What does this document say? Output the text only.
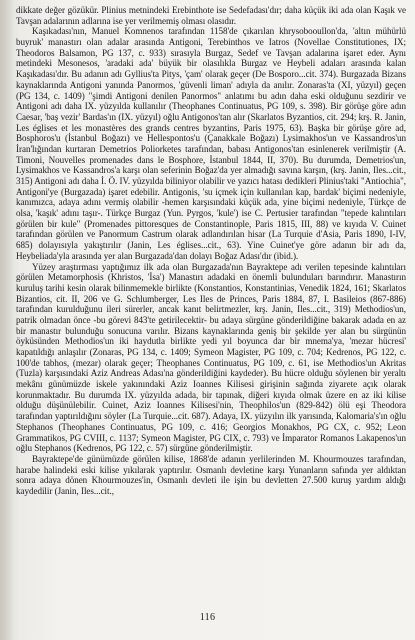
dikkate değer gözükür. Plinius metnindeki Erebinthote ise Sedefadası'dır; daha küçük iki ada olan Kaşık ve Tavşan adalarının adlarına ise yer verilmemiş olması olasıdır.

Kaşıkadası'nın, Manuel Komnenos tarafından 1158'de çıkarılan khrysobooullon'da, 'altın mühürlü buyruk' manastırı olan adalar arasında Antigoni, Terebinthos ve Iatros (Novellae Constitutiones, IX; Theodoros Balsamon, PG 137, c. 933) sırasıyla Burgaz, Sedef ve Tavşan adalarına işaret eder. Aynı metindeki Mesonesos, 'aradaki ada' büyük bir olasılıkla Burgaz ve Heybeli adaları arasında kalan Kaşıkadası'dır. Bu adanın adı Gyllius'ta Pitys, 'çam' olarak geçer (De Bosporo...cit. 374). Burgazada Bizans kaynaklarında Antigoni yanında Panormos, 'güvenli liman' adıyla da anılır. Zonaras'ta (XI, yüzyıl) geçen (PG 134, c. 1409) "şimdi Antigoni denilen Panormos" anlatımı bu adın daha eski olduğunu sezdirir ve Antigoni adı daha IX. yüzyılda kullanılır (Theophanes Continuatus, PG 109, s. 398). Bir görüşe göre adın Caesar, 'baş vezir' Bardas'ın (IX. yüzyıl) oğlu Antigonos'tan alır (Skarlatos Byzantios, cit. 294; krş. R. Janin, Les églises et les monastères des grands centres byzantins, Paris 1975, 63). Başka bir görüşe göre ad, Bosphoros'u (İstanbul Boğazı) ve Hellespontos'u (Çanakkale Boğazı) Lysimakhos'un ve Kassandros'un İran'lığından kurtaran Demetrios Poliorketes tarafından, babası Antigonos'tan esinlenerek verilmiştir (A. Timoni, Nouvelles promenades dans le Bosphore, İstanbul 1844, II, 370). Bu durumda, Demetrios'un, Lysimakhos ve Kassandros'a karşı olan seferinin Boğaz'da yer almadığı savına karşın, (krş. Janin, Iles...cit., 315) Antigoni adı daha İ. Ö. IV. yüzyılda biliniyor olabilir ve yazıcı hatası dedikleri Plinius'taki "Antiochia", Antigoni'ye (Burgazada) işaret edebilir. Antigonis, 'su içmek için kullanılan kap, bardak' biçimi nedeniyle, kanımızca, adaya adını vermiş olabilir -hemen karşısındaki küçük ada, yine biçimi nedeniyle, Türkçe de olsa, 'kaşık' adını taşır-. Türkçe Burgaz (Yun. Pyrgos, 'kule') ise C. Pertusier tarafından "tepede kalıntıları görülen bir kule" (Promenades pittoresques de Constantinople, Paris 1815, III, 88) ve kıyıda V. Cuinet tarafından görülen ve Panormum Castrum olarak adlandırılan hisar (La Turquie d'Asia, Paris 1890, I-IV, 685) dolayısıyla yakıştırılır (Janin, Les églises...cit., 63). Yine Cuinet'ye göre adanın bir adı da, Heybeliada'yla arasında yer alan Burgazada'dan dolayı Boğaz Adası'dır (ibid.).

Yüzey araştırması yaptığımız ilk ada olan Burgazada'nın Bayraktepe adı verilen tepesinde kalıntıları görülen Metamorphosis (Khristos, 'İsa') Manastırı adadaki en önemli bulunduları barındırır. Manastırın kuruluş tarihi kesin olarak bilinmemekle birlikte (Konstantios, Konstantinias, Venedik 1824, 161; Skarlatos Bizantios, cit. II, 206 ve G. Schlumberger, Les Iles de Princes, Paris 1884, 87, I. Basileios (867-886) tarafından kurulduğunu ileri sürerler, ancak kanıt belirtmezler, krş. Janin, Iles...cit., 319) Methodios'un, patrik olmadan önce -bu görevi 843'te getirilecektir- bu adaya sürgüne gönderildiğine bakarak adada en az bir manastır bulunduğu sonucuna varılır. Bizans kaynaklarında geniş bir şekilde yer alan bu sürgünün öyküsünden Methodios'un iki haydutla birlikte yedi yıl boyunca dar bir mnema'ya, 'mezar hücresi' kapatıldığı anlaşılır (Zonaras, PG 134, c. 1409; Symeon Magister, PG 109, c. 704; Kedrenos, PG 122, c. 100'de tabhos, (mezar) olarak geçer; Theophanes Continuatus, PG 109, c. 61, ise Methodios'un Akritas (Tuzla) karşısındaki Aziz Andreas Adası'na gönderildiğini kaydeder). Bu hücre olduğu söylenen bir yeraltı mekânı günümüzde iskele yakınındaki Aziz Ioannes Kilisesi girişinin sağında ziyarete açık olarak korunmaktadır. Bu durumda IX. yüzyılda adada, bir tapınak, diğeri kıyıda olmak üzere en az iki kilise olduğu düşünülebilir. Cuinet, Aziz Ioannes Kilisesi'nin, Theophilos'un (829-842) ölü eşi Theodora tarafından yaptırıldığını söyler (La Turquie...cit. 687). Adaya, IX. yüzyılın ilk yarısında, Kalomaria's'ın oğlu Stephanos (Theophanes Continuatus, PG 109, c. 416; Georgios Monakhos, PG CX, c. 952; Leon Grammatikos, PG CVIII, c. 1137; Symeon Magister, PG CIX, c. 793) ve İmparator Romanos Lakapenos'un oğlu Stephanos (Kedrenos, PG 122, c. 57) sürgüne gönderilmiştir.

Bayraktepe'de günümüzde görülen kilise, 1868'de adanın yerlilerinden M. Khourmouzes tarafından, harabe halindeki eski kilise yıkılarak yaptırılır. Osmanlı devletine karşı Yunanların safında yer aldıktan sonra adaya dönen Khourmouzes'in, Osmanlı devleti ile işin bu devletten 27.500 kuruş yardım aldığı kaydedilir (Janin, Iles...cit.,

116
